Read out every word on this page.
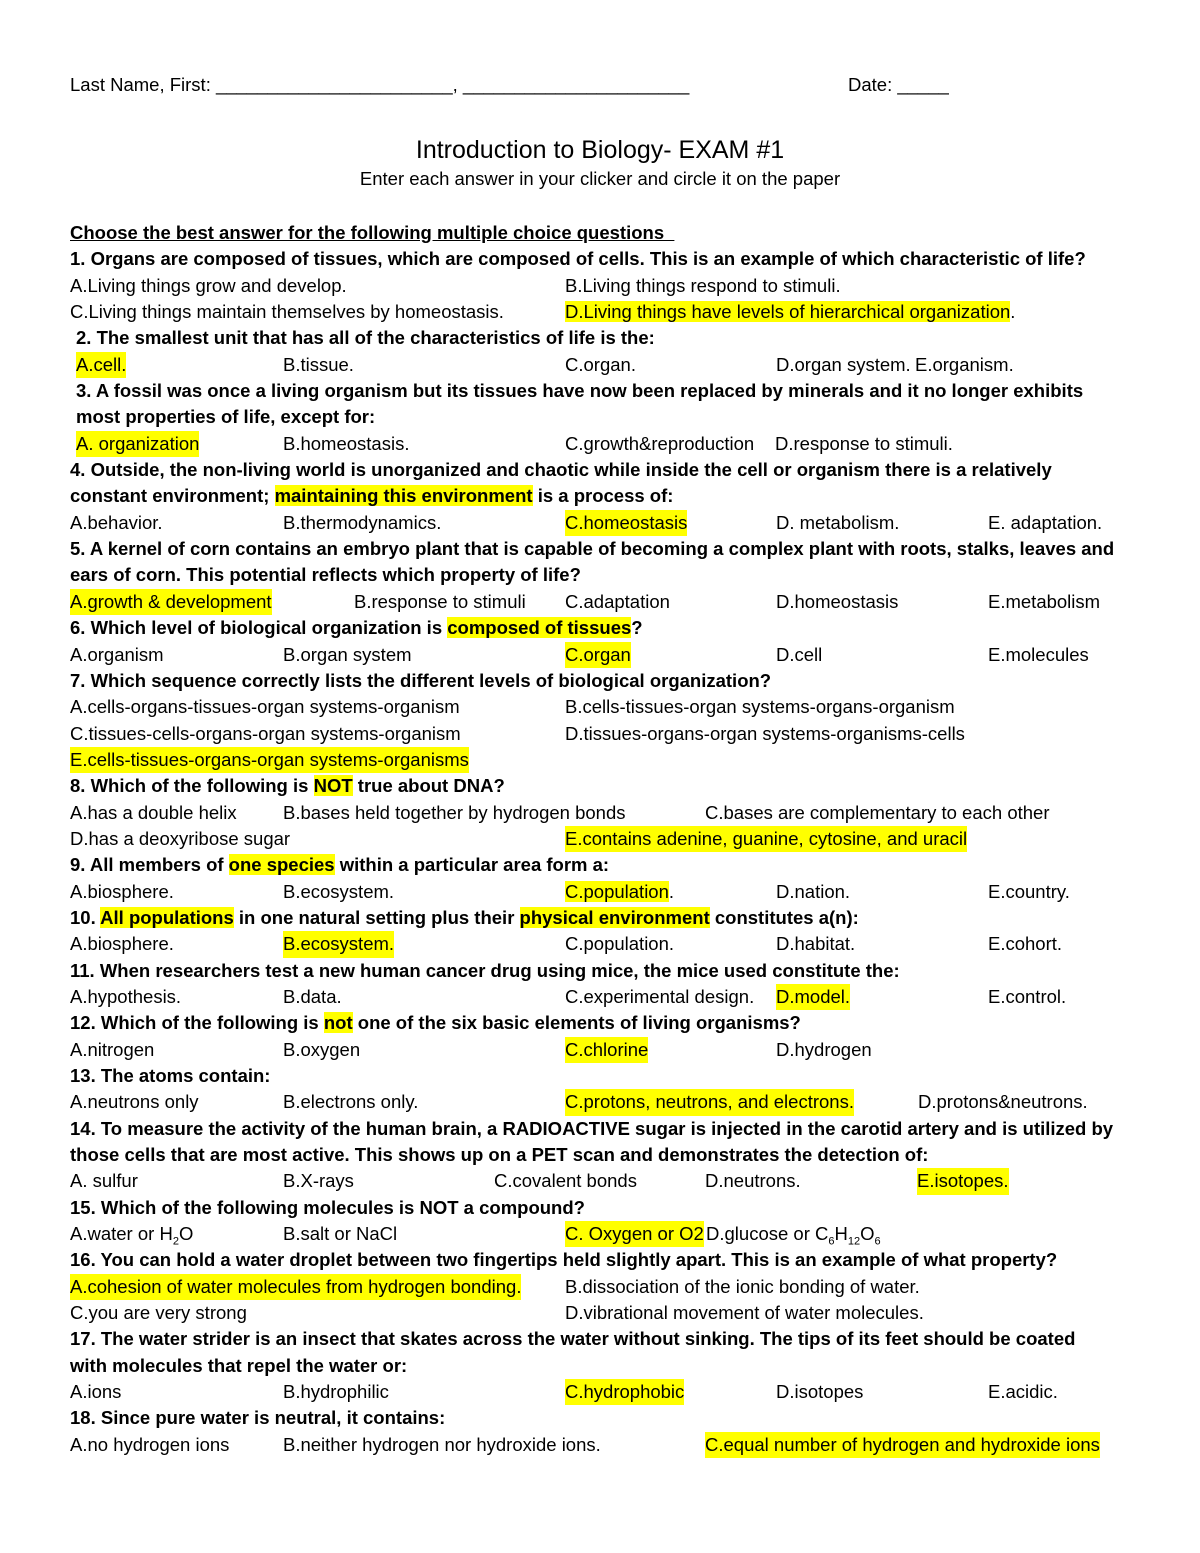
Last Name, First: _______________________, ______________________	Date: _____
Introduction to Biology- EXAM #1
Enter each answer in your clicker and circle it on the paper
Choose the best answer for the following multiple choice questions
1. Organs are composed of tissues, which are composed of cells. This is an example of which characteristic of life?
A.Living things grow and develop.	B.Living things respond to stimuli.
C.Living things maintain themselves by homeostasis.	D.Living things have levels of hierarchical organization.
2. The smallest unit that has all of the characteristics of life is the:
A.cell.	B.tissue.	C.organ.	D.organ system. E.organism.
3. A fossil was once a living organism but its tissues have now been replaced by minerals and it no longer exhibits
most properties of life, except for:
A. organization	B.homeostasis.	C.growth&reproduction D.response to stimuli.
4. Outside, the non-living world is unorganized and chaotic while inside the cell or organism there is a relatively
constant environment; maintaining this environment is a process of:
A.behavior.	B.thermodynamics.	C.homeostasis	D. metabolism.	E. adaptation.
5. A kernel of corn contains an embryo plant that is capable of becoming a complex plant with roots, stalks, leaves and
ears of corn. This potential reflects which property of life?
A.growth & development	B.response to stimuli C.adaptation	D.homeostasis	E.metabolism
6. Which level of biological organization is composed of tissues?
A.organism	B.organ system	C.organ	D.cell	E.molecules
7. Which sequence correctly lists the different levels of biological organization?
A.cells-organs-tissues-organ systems-organism	B.cells-tissues-organ systems-organs-organism
C.tissues-cells-organs-organ systems-organism	D.tissues-organs-organ systems-organisms-cells
E.cells-tissues-organs-organ systems-organisms
8. Which of the following is NOT true about DNA?
A.has a double helix	B.bases held together by hydrogen bonds	C.bases are complementary to each other
D.has a deoxyribose sugar	E.contains adenine, guanine, cytosine, and uracil
9. All members of one species within a particular area form a:
A.biosphere.	B.ecosystem.	C.population.	D.nation.	E.country.
10. All populations in one natural setting plus their physical environment constitutes a(n):
A.biosphere.	B.ecosystem.	C.population.	D.habitat.	E.cohort.
11. When researchers test a new human cancer drug using mice, the mice used constitute the:
A.hypothesis.	B.data.	C.experimental design. D.model.	E.control.
12. Which of the following is not one of the six basic elements of living organisms?
A.nitrogen	B.oxygen	C.chlorine	D.hydrogen
13. The atoms contain:
A.neutrons only	B.electrons only.	C.protons, neutrons, and electrons.	D.protons&neutrons.
14. To measure the activity of the human brain, a RADIOACTIVE sugar is injected in the carotid artery and is utilized by
those cells that are most active. This shows up on a PET scan and demonstrates the detection of:
A. sulfur	B.X-rays	C.covalent bonds	D.neutrons.	E.isotopes.
15. Which of the following molecules is NOT a compound?
A.water or $H_2O$	B.salt or NaCl	C. Oxygen or O2 D.glucose or $C_6H_{12}O_6$
16. You can hold a water droplet between two fingertips held slightly apart. This is an example of what property?
A.cohesion of water molecules from hydrogen bonding. B.dissociation of the ionic bonding of water.
C.you are very strong	D.vibrational movement of water molecules.
17. The water strider is an insect that skates across the water without sinking. The tips of its feet should be coated
with molecules that repel the water or:
A.ions	B.hydrophilic	C.hydrophobic	D.isotopes	E.acidic.
18. Since pure water is neutral, it contains:
A.no hydrogen ions	B.neither hydrogen nor hydroxide ions.	C.equal number of hydrogen and hydroxide ions
